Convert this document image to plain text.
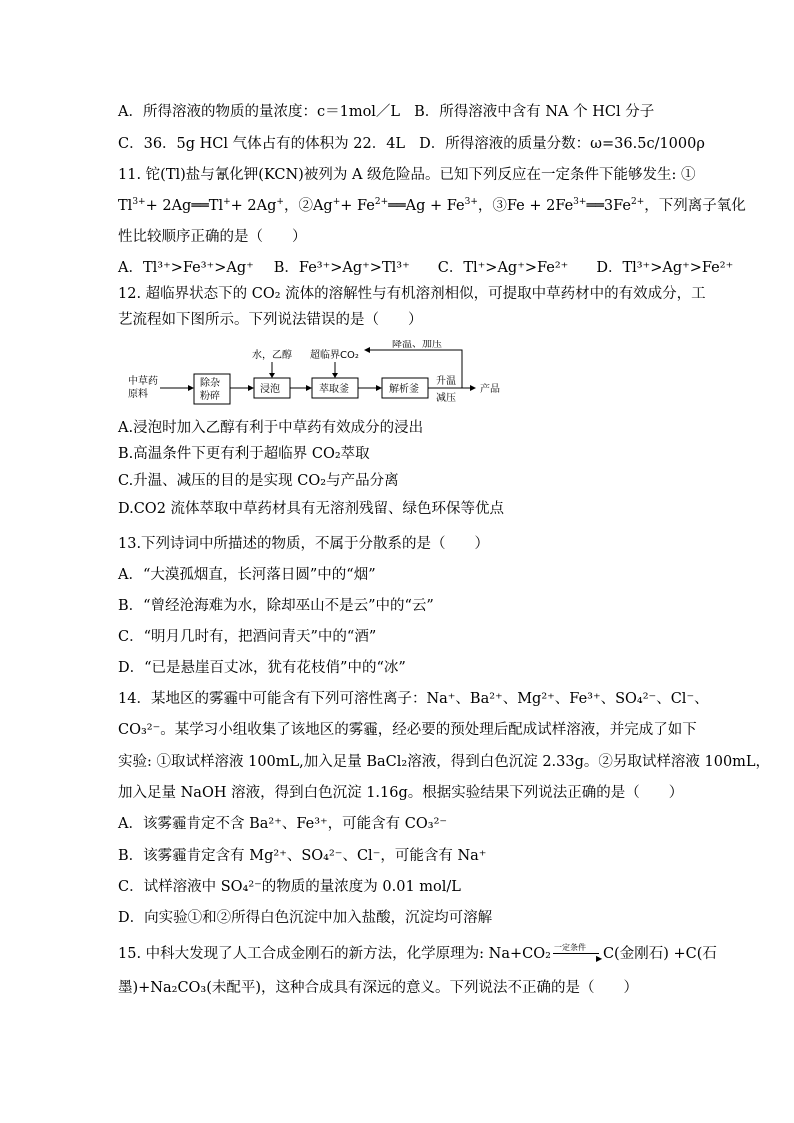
A．所得溶液的物质的量浓度：c＝1mol／L B．所得溶液中含有 NA 个 HCl 分子
C．36．5g HCl 气体占有的体积为 22．4L D．所得溶液的质量分数：ω=36.5c/1000ρ
11. 铊(Tl)盐与氰化钾(KCN)被列为 A 级危险品。已知下列反应在一定条件下能够发生: ①
$Tl^{3+}+$ 2Ag══Tl++ 2Ag+，②Ag++ $Fe^{2+}══Ag + Fe^{3+}$，③Fe + $2Fe^{3+}══3Fe^{2+}$，下列离子氧化
性比较顺序正确的是（　　）
A．Tl³⁺>Fe³⁺>Ag⁺ B．Fe³⁺>Ag⁺>Tl³⁺ C．Tl⁺>Ag⁺>Fe²⁺ D．Tl³⁺>Ag⁺>Fe²⁺
12. 超临界状态下的 CO₂ 流体的溶解性与有机溶剂相似，可提取中草药材中的有效成分，工
艺流程如下图所示。下列说法错误的是（　　）
中草药
原料
除杂
粉碎
浸泡
水，乙醇
萃取釜
超临界CO₂
解析釜
升温
减压
产品
降温、加压
A.浸泡时加入乙醇有利于中草药有效成分的浸出
B.高温条件下更有利于超临界 CO₂萃取
C.升温、减压的目的是实现 CO₂与产品分离
D.CO2 流体萃取中草药材具有无溶剂残留、绿色环保等优点
13.下列诗词中所描述的物质，不属于分散系的是（　　）
A．“大漠孤烟直，长河落日圆”中的“烟”
B．“曾经沧海难为水，除却巫山不是云”中的“云”
C．“明月几时有，把酒问青天”中的“酒”
D．“已是悬崖百丈冰，犹有花枝俏”中的“冰”
14．某地区的雾霾中可能含有下列可溶性离子：Na⁺、Ba²⁺、Mg²⁺、Fe³⁺、SO₄²⁻、Cl⁻、
CO₃²⁻。某学习小组收集了该地区的雾霾，经必要的预处理后配成试样溶液，并完成了如下
实验: ①取试样溶液 100mL,加入足量 BaCl₂溶液，得到白色沉淀 2.33g。②另取试样溶液 100mL，
加入足量 NaOH 溶液，得到白色沉淀 1.16g。根据实验结果下列说法正确的是（　　）
A．该雾霾肯定不含 Ba²⁺、Fe³⁺，可能含有 CO₃²⁻
B．该雾霾肯定含有 Mg²⁺、SO₄²⁻、Cl⁻，可能含有 Na⁺
C．试样溶液中 SO₄²⁻的物质的量浓度为 0.01 mol/L
D．向实验①和②所得白色沉淀中加入盐酸，沉淀均可溶解
15. 中科大发现了人工合成金刚石的新方法，化学原理为: Na+CO₂ 一定条件
▶ C(金刚石) +C(石
墨)+Na₂CO₃(未配平)，这种合成具有深远的意义。下列说法不正确的是（　　）
